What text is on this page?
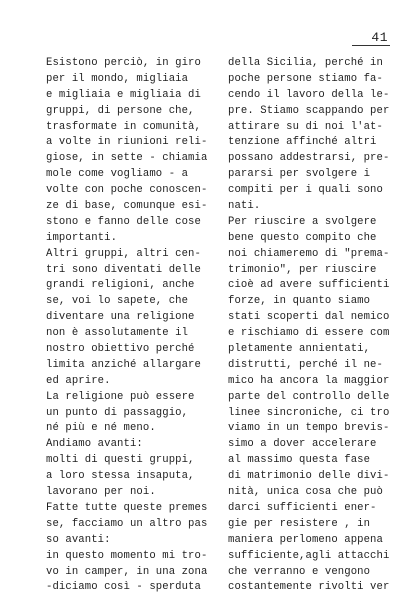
41
Esistono perciò, in giro
per il mondo, migliaia
e migliaia e migliaia di
gruppi, di persone che,
trasformate in comunità,
a volte in riunioni reli-
giose, in sette - chiamia
mole come vogliamo - a
volte con poche conoscen-
ze di base, comunque esi-
stono e fanno delle cose
importanti.
Altri gruppi, altri cen-
tri sono diventati delle
grandi religioni, anche
se, voi lo sapete, che
diventare una religione
non è assolutamente il
nostro obiettivo perché
limita anziché allargare
ed aprire.
La religione può essere
un punto di passaggio,
né più e né meno.
Andiamo avanti:
molti di questi gruppi,
a loro stessa insaputa,
lavorano per noi.
Fatte tutte queste premes
se, facciamo un altro pas
so avanti:
in questo momento mi tro-
vo in camper, in una zona
-diciamo così - sperduta
della Sicilia, perché in
poche persone stiamo fa-
cendo il lavoro della le-
pre. Stiamo scappando per
attirare su di noi l'at-
tenzione affinché altri
possano addestrarsi, pre-
pararsi per svolgere i
compiti per i quali sono
nati.
Per riuscire a svolgere
bene questo compito che
noi chiameremo di "prema-
trimonio", per riuscire
cioè ad avere sufficienti
forze, in quanto siamo
stati scoperti dal nemico
e rischiamo di essere com
pletamente annientati,
distrutti, perché il ne-
mico ha ancora la maggior
parte del controllo delle
linee sincroniche, ci tro
viamo in un tempo brevis-
simo a dover accelerare
al massimo questa fase
di matrimonio delle divi-
nità, unica cosa che può
darci sufficienti ener-
gie per resistere , in
maniera perlomeno appena
sufficiente,agli attacchi
che verranno e vengono
costantemente rivolti ver
